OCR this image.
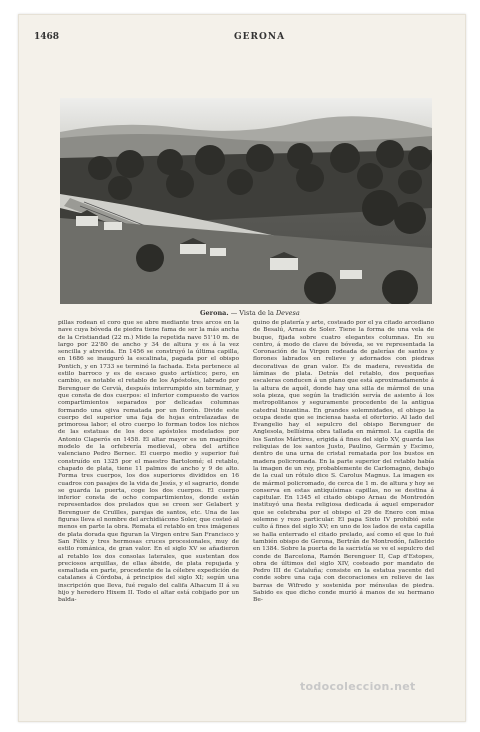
1468	GERONA
Gerona. — Vista de la Devesa

pillas rodean el coro que se abre mediante tres arcos en la nave cuya bóveda de piedra tiene fama de ser la más ancha de la Cristiandad (22 m.) Mide la repetida nave 51'10 m. de largo por 22'80 de ancho y 34 de altura y es á la vez sencilla y atrevida. En 1456 se construyó la última capilla, en 1686 se inauguró la escalinata, pagada por el obispo Pontich, y en 1733 se terminó la fachada. Esta pertenece al estilo barroco y es de escaso gusto artístico; pero, en cambio, es notable el retablo de los Apóstoles, labrado por Berenguer de Cervià, después interrumpido sin terminar, y que consta de dos cuerpos: el inferior compuesto de varios compartimientos separados por delicadas columnas formando una ojiva rematada por un florón. Divide este cuerpo del superior una faja de hojas entrelazadas de primorosa labor; el otro cuerpo lo forman todos los nichos de las estatuas de los doce apóstoles modelados por Antonio Claperós en 1458. El altar mayor es un magnífico modelo de la orfebrería medieval, obra del artífice valenciano Pedro Bernec. El cuerpo medio y superior fué construído en 1325 por el maestro Bartolomé; el retablo, chapado de plata, tiene 11 palmos de ancho y 9 de alto. Forma tres cuerpos, los dos superiores divididos en 16 cuadros con pasajes de la vida de Jesús, y el sagrario, donde se guarda la puerta, coge los dos cuerpos. El cuerpo inferior consta de ocho compartimientos, donde están representados dos prelados que se creen ser Gelabert y Berenguer de Cruïlles, parejas de santos, etc. Una de las figuras lleva el nombre del archidiácono Soler, que costeó al menos en parte la obra. Remata el retablo en tres imágenes de plata dorada que figuran la Virgen entre San Francisco y San Fèlix y tres hermosas cruces procesionales, muy de estilo románica, de gran valor. En el siglo XV se añadieron al retablo los dos consolas laterales, que sustentan dos preciosos arquillas, de ellas ábside, de plata repujada y esmaltada en parte, procedente de la célebre expedición de catalanes á Córdoba, á principios del siglo XI; según una inscripción que lleva, fué regalo del califa Alhacum II á su hijo y heredero Hixem II. Todo el altar está cobijado por un balda-

quino de platería y arte, costeado por el ya citado arcediano de Besalú, Arnau de Soler. Tiene la forma de una vela de buque, fijada sobre cuatro elegantes columnas. En su centro, á modo de clave de bóveda, se ve representada la Coronación de la Virgen rodeada de galerías de santos y florones labrados en relieve y adornados con piedras decorativas de gran valor. Es de madera, revestida de láminas de plata. Detrás del retablo, dos pequeñas escaleras conducen á un plano que está aproximadamente á la altura de aquél, donde hay una silla de mármol de una sola pieza, que según la tradición servía de asiento á los metropolitanos y seguramente procedente de la antigua catedral bizantina. En grandes solemnidades, el obispo la ocupa desde que se inciensa hasta el ofertorio. Al lado del Evangelio hay el sepulcro del obispo Berenguer de Anglesola, bellísima obra tallada en mármol. La capilla de los Santos Mártires, erigida á fines del siglo XV, guarda las reliquias de los santos Justo, Paulino, Germán y Escimo, dentro de una urna de cristal rematada por los bustos en madera policromada. En la parte superior del retablo había la imagen de un rey, probablemente de Carlomagno, debajo de la cual un rótulo dice S. Carolus Magnus. La imagen es de mármol policromado, de cerca de 1 m. de altura y hoy se conserva en estas antiquísimas capillas, no se destina á capitular. En 1345 el citado obispo Arnau de Montredón instituyó una fiesta religiosa dedicada á aquel emperador que se celebraba por el obispo el 29 de Enero con misa solemne y rezo particular. El papa Sixto IV prohibió este culto á fines del siglo XV; en uno de los lados de esta capilla se halla enterrado el citado prelado, así como el que lo fué también obispo de Gerona, Bertrán de Montredón, fallecido en 1384. Sobre la puerta de la sacristía se ve el sepulcro del conde de Barcelona, Ramón Berenguer II, Cap d'Estopes, obra de últimos del siglo XIV, costeado por mandato de Pedro III de Cataluña; consiste en la estatua yacente del conde sobre una caja con decoraciones en relieve de las barras de Wifredo y sostenida por ménsulas de piedra. Sabido es que dicho conde murió á manos de su hermano Be-

todocoleccion.net
